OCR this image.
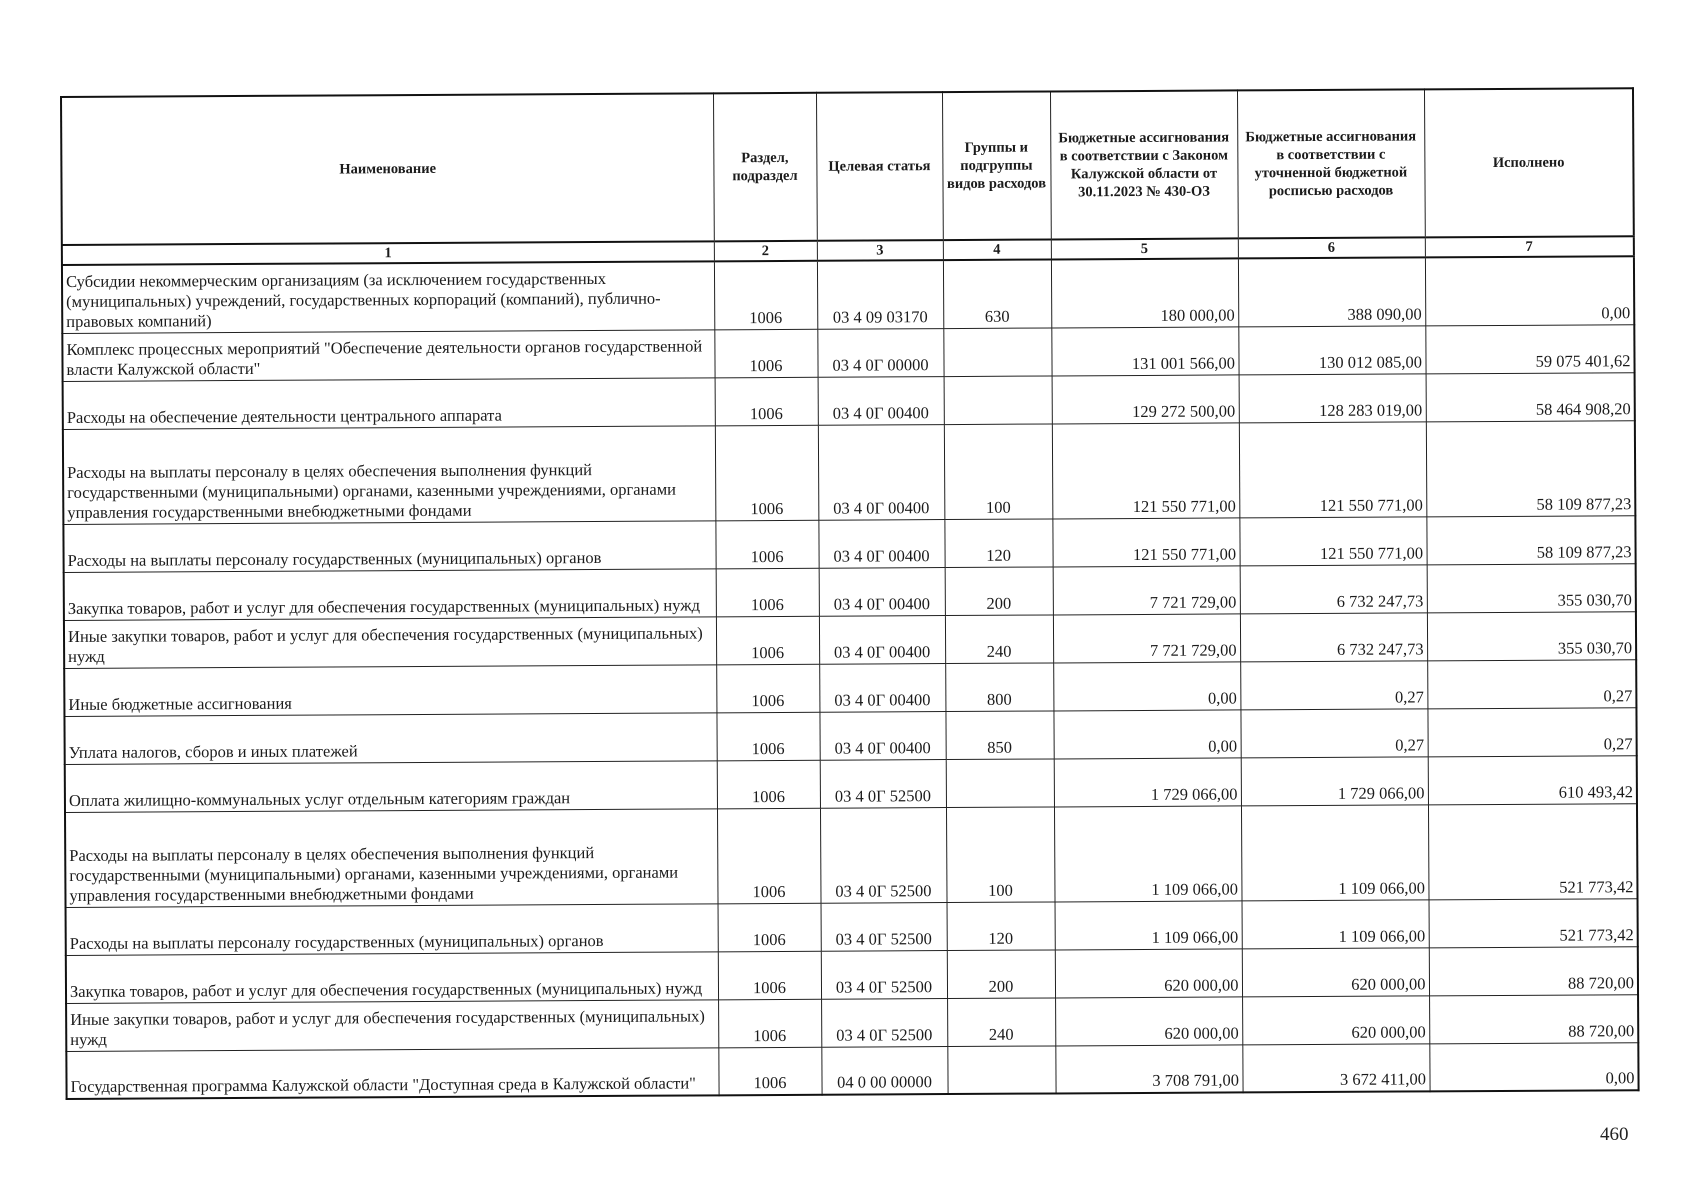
Наименование	Раздел, подраздел	Целевая статья	Группы и подгруппы видов расходов	Бюджетные ассигнования в соответствии с Законом Калужской области от 30.11.2023 № 430-ОЗ	Бюджетные ассигнования в соответствии с уточненной бюджетной росписью расходов	Исполнено
1	2	3	4	5	6	7
Субсидии некоммерческим организациям (за исключением государственных (муниципальных) учреждений, государственных корпораций (компаний), публично-правовых компаний)	1006	03 4 09 03170	630	180 000,00	388 090,00	0,00
Комплекс процессных мероприятий "Обеспечение деятельности органов государственной власти Калужской области"	1006	03 4 0Г 00000		131 001 566,00	130 012 085,00	59 075 401,62
Расходы на обеспечение деятельности центрального аппарата	1006	03 4 0Г 00400		129 272 500,00	128 283 019,00	58 464 908,20
Расходы на выплаты персоналу в целях обеспечения выполнения функций государственными (муниципальными) органами, казенными учреждениями, органами управления государственными внебюджетными фондами	1006	03 4 0Г 00400	100	121 550 771,00	121 550 771,00	58 109 877,23
Расходы на выплаты персоналу государственных (муниципальных) органов	1006	03 4 0Г 00400	120	121 550 771,00	121 550 771,00	58 109 877,23
Закупка товаров, работ и услуг для обеспечения государственных (муниципальных) нужд	1006	03 4 0Г 00400	200	7 721 729,00	6 732 247,73	355 030,70
Иные закупки товаров, работ и услуг для обеспечения государственных (муниципальных) нужд	1006	03 4 0Г 00400	240	7 721 729,00	6 732 247,73	355 030,70
Иные бюджетные ассигнования	1006	03 4 0Г 00400	800	0,00	0,27	0,27
Уплата налогов, сборов и иных платежей	1006	03 4 0Г 00400	850	0,00	0,27	0,27
Оплата жилищно-коммунальных услуг отдельным категориям граждан	1006	03 4 0Г 52500		1 729 066,00	1 729 066,00	610 493,42
Расходы на выплаты персоналу в целях обеспечения выполнения функций государственными (муниципальными) органами, казенными учреждениями, органами управления государственными внебюджетными фондами	1006	03 4 0Г 52500	100	1 109 066,00	1 109 066,00	521 773,42
Расходы на выплаты персоналу государственных (муниципальных) органов	1006	03 4 0Г 52500	120	1 109 066,00	1 109 066,00	521 773,42
Закупка товаров, работ и услуг для обеспечения государственных (муниципальных) нужд	1006	03 4 0Г 52500	200	620 000,00	620 000,00	88 720,00
Иные закупки товаров, работ и услуг для обеспечения государственных (муниципальных) нужд	1006	03 4 0Г 52500	240	620 000,00	620 000,00	88 720,00
Государственная программа Калужской области "Доступная среда в Калужской области"	1006	04 0 00 00000		3 708 791,00	3 672 411,00	0,00
460
